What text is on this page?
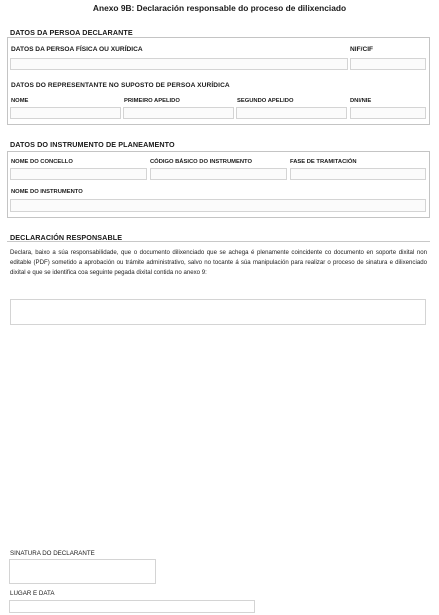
Anexo 9B: Declaración responsable do proceso de dilixenciado
DATOS DA PERSOA DECLARANTE
DATOS DA PERSOA FÍSICA OU XURÍDICA	NIF/CIF
DATOS DO REPRESENTANTE NO SUPOSTO DE PERSOA XURÍDICA
NOME	PRIMEIRO APELIDO	SEGUNDO APELIDO	DNI/NIE
DATOS DO INSTRUMENTO DE PLANEAMENTO
NOME DO CONCELLO	CÓDIGO BÁSICO DO INSTRUMENTO	FASE DE TRAMITACIÓN
NOME DO INSTRUMENTO
DECLARACIÓN RESPONSABLE
Declara, baixo a súa responsabilidade, que o documento dilixenciado que se achega é plenamente coincidente co documento en soporte dixital non editable (PDF) sometido a aprobación ou trámite administrativo, salvo no tocante á súa manipulación para realizar o proceso de sinatura e dilixenciado dixital e que se identifica coa seguinte pegada dixital contida no anexo 9:
SINATURA DO DECLARANTE
LUGAR E DATA
